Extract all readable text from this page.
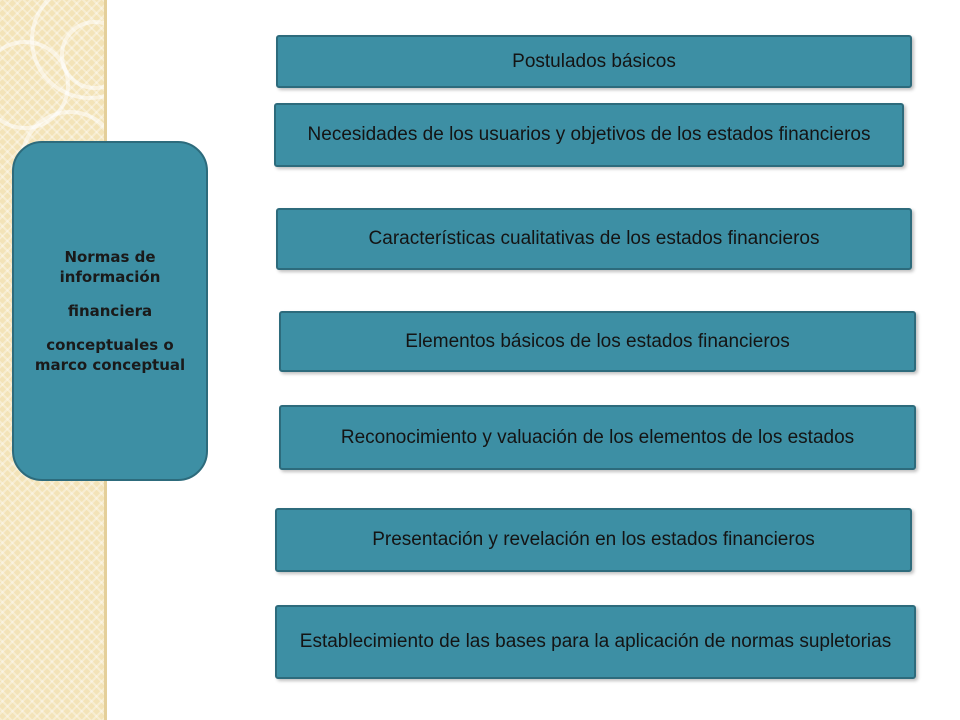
Normas de
información
financiera
conceptuales o marco conceptual
Postulados básicos
Necesidades de los usuarios y objetivos de los estados financieros
Características cualitativas de los estados financieros
Elementos básicos de los estados financieros
Reconocimiento y valuación de los elementos de los estados
Presentación y revelación en los estados financieros
Establecimiento de las bases para la aplicación de normas supletorias
